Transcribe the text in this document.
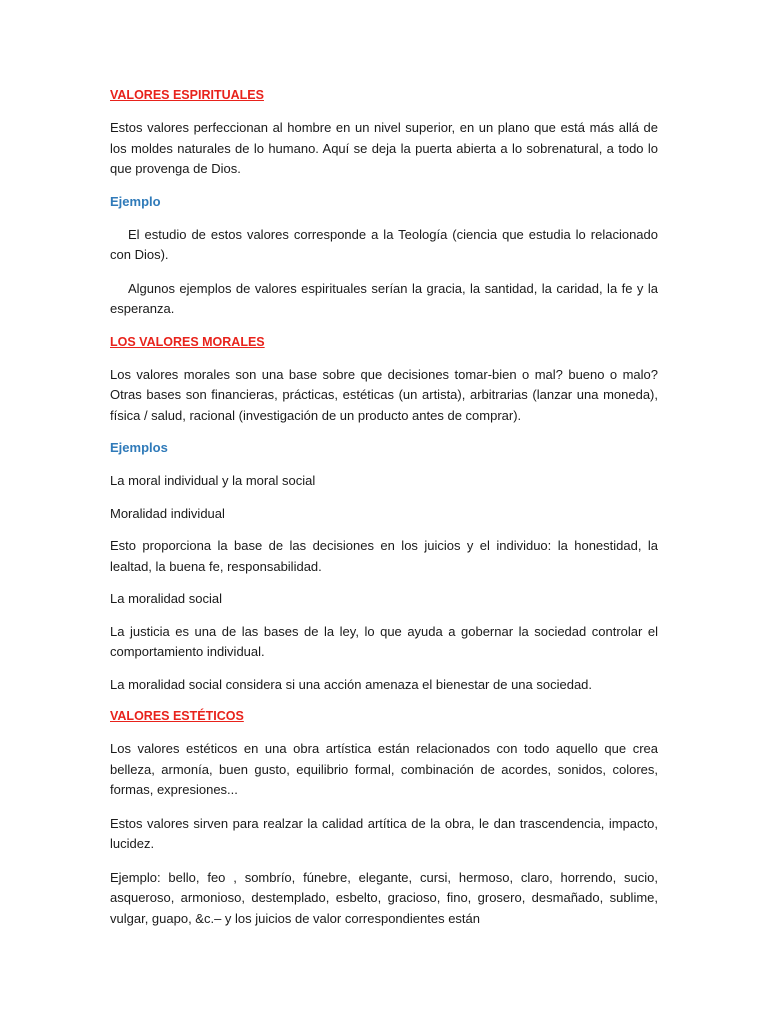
VALORES ESPIRITUALES

Estos valores perfeccionan al hombre en un nivel superior, en un plano que está más allá de los moldes naturales de lo humano. Aquí se deja la puerta abierta a lo sobrenatural, a todo lo que provenga de Dios.

Ejemplo

El estudio de estos valores corresponde a la Teología (ciencia que estudia lo relacionado con Dios).

Algunos ejemplos de valores espirituales serían la gracia, la santidad, la caridad, la fe y la esperanza.

LOS VALORES MORALES

Los valores morales son una base sobre que decisiones tomar-bien o mal? bueno o malo? Otras bases son financieras, prácticas, estéticas (un artista), arbitrarias (lanzar una moneda), física / salud, racional (investigación de un producto antes de comprar).

Ejemplos

La moral individual y la moral social

Moralidad individual

Esto proporciona la base de las decisiones en los juicios y el individuo: la honestidad, la lealtad, la buena fe, responsabilidad.

La moralidad social

La justicia es una de las bases de la ley, lo que ayuda a gobernar la sociedad controlar el comportamiento individual.

La moralidad social considera si una acción amenaza el bienestar de una sociedad.

VALORES ESTÉTICOS

Los valores estéticos en una obra artística están relacionados con todo aquello que crea belleza, armonía, buen gusto, equilibrio formal, combinación de acordes, sonidos, colores, formas, expresiones...

Estos valores sirven para realzar la calidad artítica de la obra, le dan trascendencia, impacto, lucidez.

Ejemplo: bello, feo , sombrío, fúnebre, elegante, cursi, hermoso, claro, horrendo, sucio, asqueroso, armonioso, destemplado, esbelto, gracioso, fino, grosero, desmañado, sublime, vulgar, guapo, &c.– y los juicios de valor correspondientes están
